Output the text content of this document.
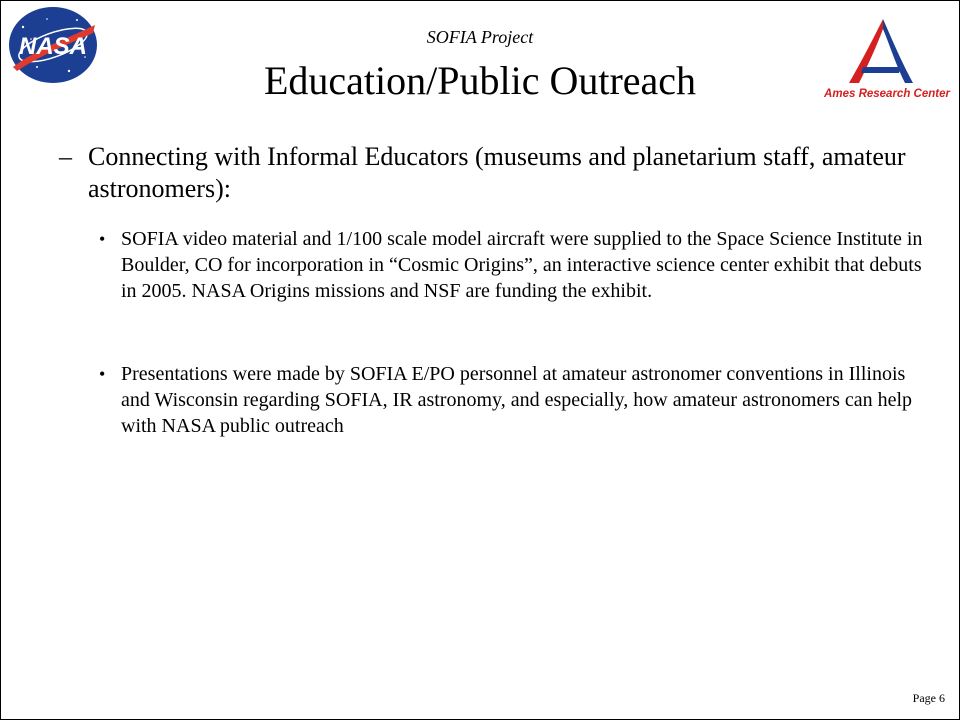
NASA
Ames Research Center
SOFIA Project
Education/Public Outreach
– Connecting with Informal Educators (museums and planetarium staff, amateur astronomers):
• SOFIA video material and 1/100 scale model aircraft were supplied to the Space Science Institute in Boulder, CO for incorporation in “Cosmic Origins”, an interactive science center exhibit that debuts in 2005. NASA Origins missions and NSF are funding the exhibit.
• Presentations were made by SOFIA E/PO personnel at amateur astronomer conventions in Illinois and Wisconsin regarding SOFIA, IR astronomy, and especially, how amateur astronomers can help with NASA public outreach
Page 6
